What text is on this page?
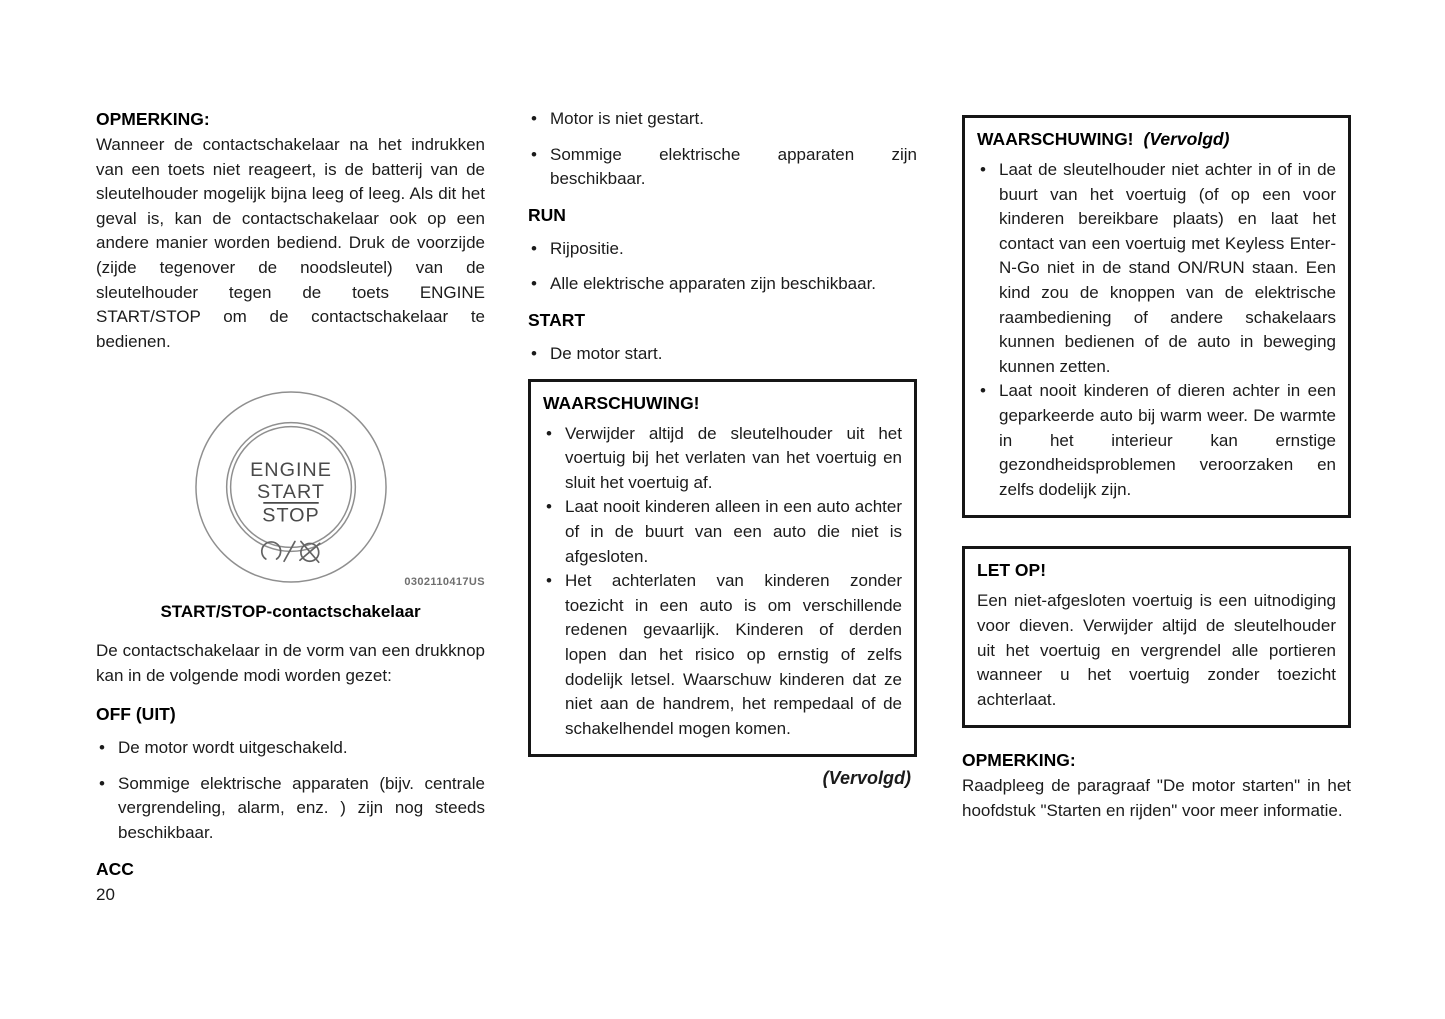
OPMERKING:

Wanneer de contactschakelaar na het indrukken van een toets niet reageert, is de batterij van de sleutelhouder mogelijk bijna leeg of leeg. Als dit het geval is, kan de contactschakelaar ook op een andere manier worden bediend. Druk de voorzijde (zijde tegenover de noodsleutel) van de sleutelhouder tegen de toets ENGINE START/STOP om de contactschakelaar te bedienen.

ENGINE
START
STOP
0302110417US
START/STOP-contactschakelaar

De contactschakelaar in de vorm van een drukknop kan in de volgende modi worden gezet:

OFF (UIT)
• De motor wordt uitgeschakeld.
• Sommige elektrische apparaten (bijv. centrale vergrendeling, alarm, enz. ) zijn nog steeds beschikbaar.
ACC
20
• Motor is niet gestart.
• Sommige elektrische apparaten zijn beschikbaar.
RUN
• Rijpositie.
• Alle elektrische apparaten zijn beschikbaar.
START
• De motor start.
WAARSCHUWING!
• Verwijder altijd de sleutelhouder uit het voertuig bij het verlaten van het voertuig en sluit het voertuig af.
• Laat nooit kinderen alleen in een auto achter of in de buurt van een auto die niet is afgesloten.
• Het achterlaten van kinderen zonder toezicht in een auto is om verschillende redenen gevaarlijk. Kinderen of derden lopen dan het risico op ernstig of zelfs dodelijk letsel. Waarschuw kinderen dat ze niet aan de handrem, het rempedaal of de schakelhendel mogen komen.
(Vervolgd)
WAARSCHUWING! (Vervolgd)
• Laat de sleutelhouder niet achter in of in de buurt van het voertuig (of op een voor kinderen bereikbare plaats) en laat het contact van een voertuig met Keyless Enter-N-Go niet in de stand ON/RUN staan. Een kind zou de knoppen van de elektrische raambediening of andere schakelaars kunnen bedienen of de auto in beweging kunnen zetten.
• Laat nooit kinderen of dieren achter in een geparkeerde auto bij warm weer. De warmte in het interieur kan ernstige gezondheidsproblemen veroorzaken en zelfs dodelijk zijn.
LET OP!

Een niet-afgesloten voertuig is een uitnodiging voor dieven. Verwijder altijd de sleutelhouder uit het voertuig en vergrendel alle portieren wanneer u het voertuig zonder toezicht achterlaat.

OPMERKING:

Raadpleeg de paragraaf "De motor starten" in het hoofdstuk "Starten en rijden" voor meer informatie.
